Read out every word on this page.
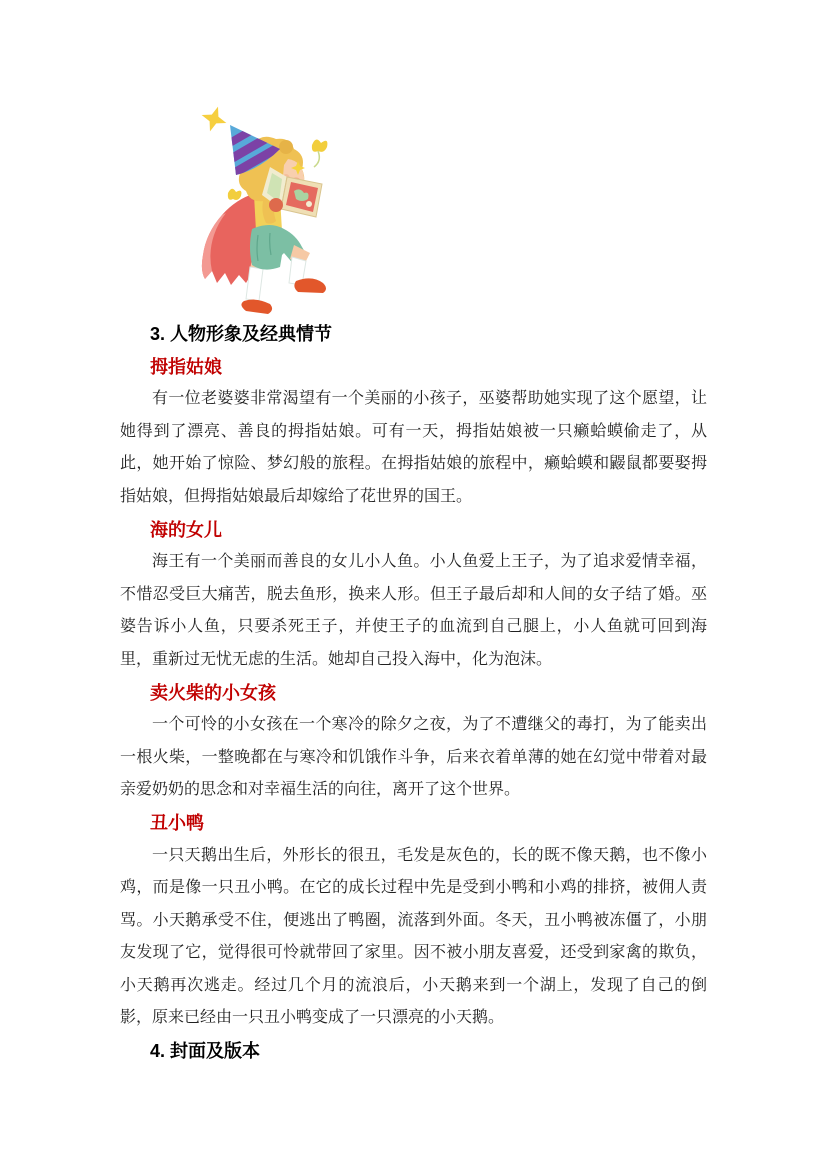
3. 人物形象及经典情节
拇指姑娘

有一位老婆婆非常渴望有一个美丽的小孩子，巫婆帮助她实现了这个愿望，让她得到了漂亮、善良的拇指姑娘。可有一天，拇指姑娘被一只癞蛤蟆偷走了，从此，她开始了惊险、梦幻般的旅程。在拇指姑娘的旅程中，癞蛤蟆和鼹鼠都要娶拇指姑娘，但拇指姑娘最后却嫁给了花世界的国王。

海的女儿

海王有一个美丽而善良的女儿小人鱼。小人鱼爱上王子，为了追求爱情幸福，不惜忍受巨大痛苦，脱去鱼形，换来人形。但王子最后却和人间的女子结了婚。巫婆告诉小人鱼，只要杀死王子，并使王子的血流到自己腿上，小人鱼就可回到海里，重新过无忧无虑的生活。她却自己投入海中，化为泡沫。

卖火柴的小女孩

一个可怜的小女孩在一个寒冷的除夕之夜，为了不遭继父的毒打，为了能卖出一根火柴，一整晚都在与寒冷和饥饿作斗争，后来衣着单薄的她在幻觉中带着对最亲爱奶奶的思念和对幸福生活的向往，离开了这个世界。

丑小鸭

一只天鹅出生后，外形长的很丑，毛发是灰色的，长的既不像天鹅，也不像小鸡，而是像一只丑小鸭。在它的成长过程中先是受到小鸭和小鸡的排挤，被佣人责骂。小天鹅承受不住，便逃出了鸭圈，流落到外面。冬天，丑小鸭被冻僵了，小朋友发现了它，觉得很可怜就带回了家里。因不被小朋友喜爱，还受到家禽的欺负，小天鹅再次逃走。经过几个月的流浪后，小天鹅来到一个湖上，发现了自己的倒影，原来已经由一只丑小鸭变成了一只漂亮的小天鹅。

4. 封面及版本
